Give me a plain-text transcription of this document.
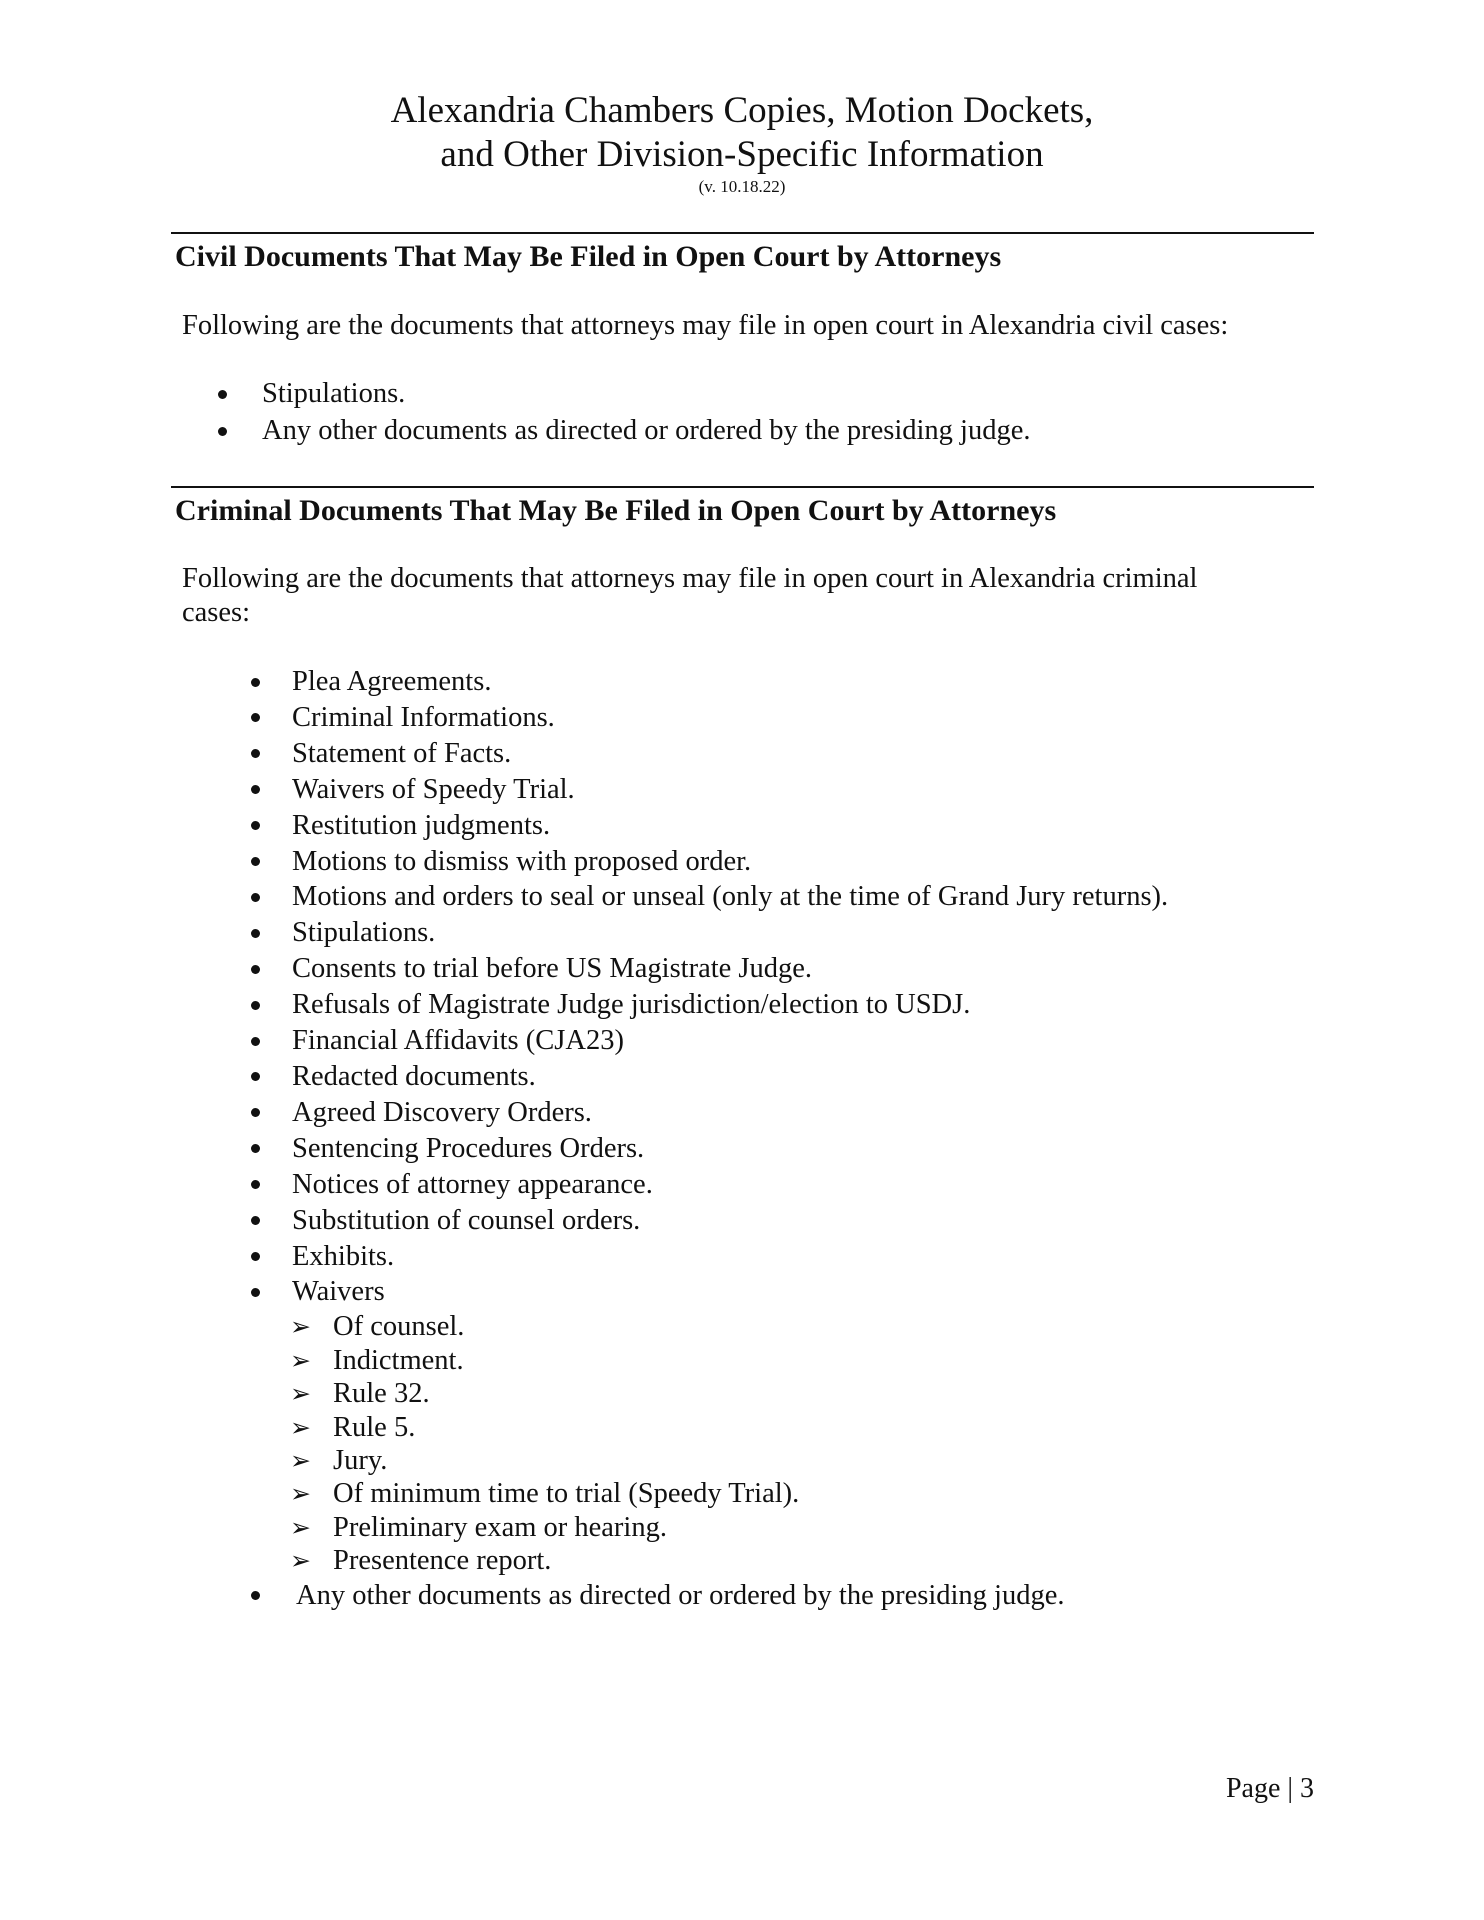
Alexandria Chambers Copies, Motion Dockets,
and Other Division-Specific Information
(v. 10.18.22)
Civil Documents That May Be Filed in Open Court by Attorneys
Following are the documents that attorneys may file in open court in Alexandria civil cases:
Stipulations.
Any other documents as directed or ordered by the presiding judge.
Criminal Documents That May Be Filed in Open Court by Attorneys
Following are the documents that attorneys may file in open court in Alexandria criminal cases:
Plea Agreements.
Criminal Informations.
Statement of Facts.
Waivers of Speedy Trial.
Restitution judgments.
Motions to dismiss with proposed order.
Motions and orders to seal or unseal (only at the time of Grand Jury returns).
Stipulations.
Consents to trial before US Magistrate Judge.
Refusals of Magistrate Judge jurisdiction/election to USDJ.
Financial Affidavits (CJA23)
Redacted documents.
Agreed Discovery Orders.
Sentencing Procedures Orders.
Notices of attorney appearance.
Substitution of counsel orders.
Exhibits.
Waivers
➢ Of counsel.
➢ Indictment.
➢ Rule 32.
➢ Rule 5.
➢ Jury.
➢ Of minimum time to trial (Speedy Trial).
➢ Preliminary exam or hearing.
➢ Presentence report.
Any other documents as directed or ordered by the presiding judge.
Page | 3
